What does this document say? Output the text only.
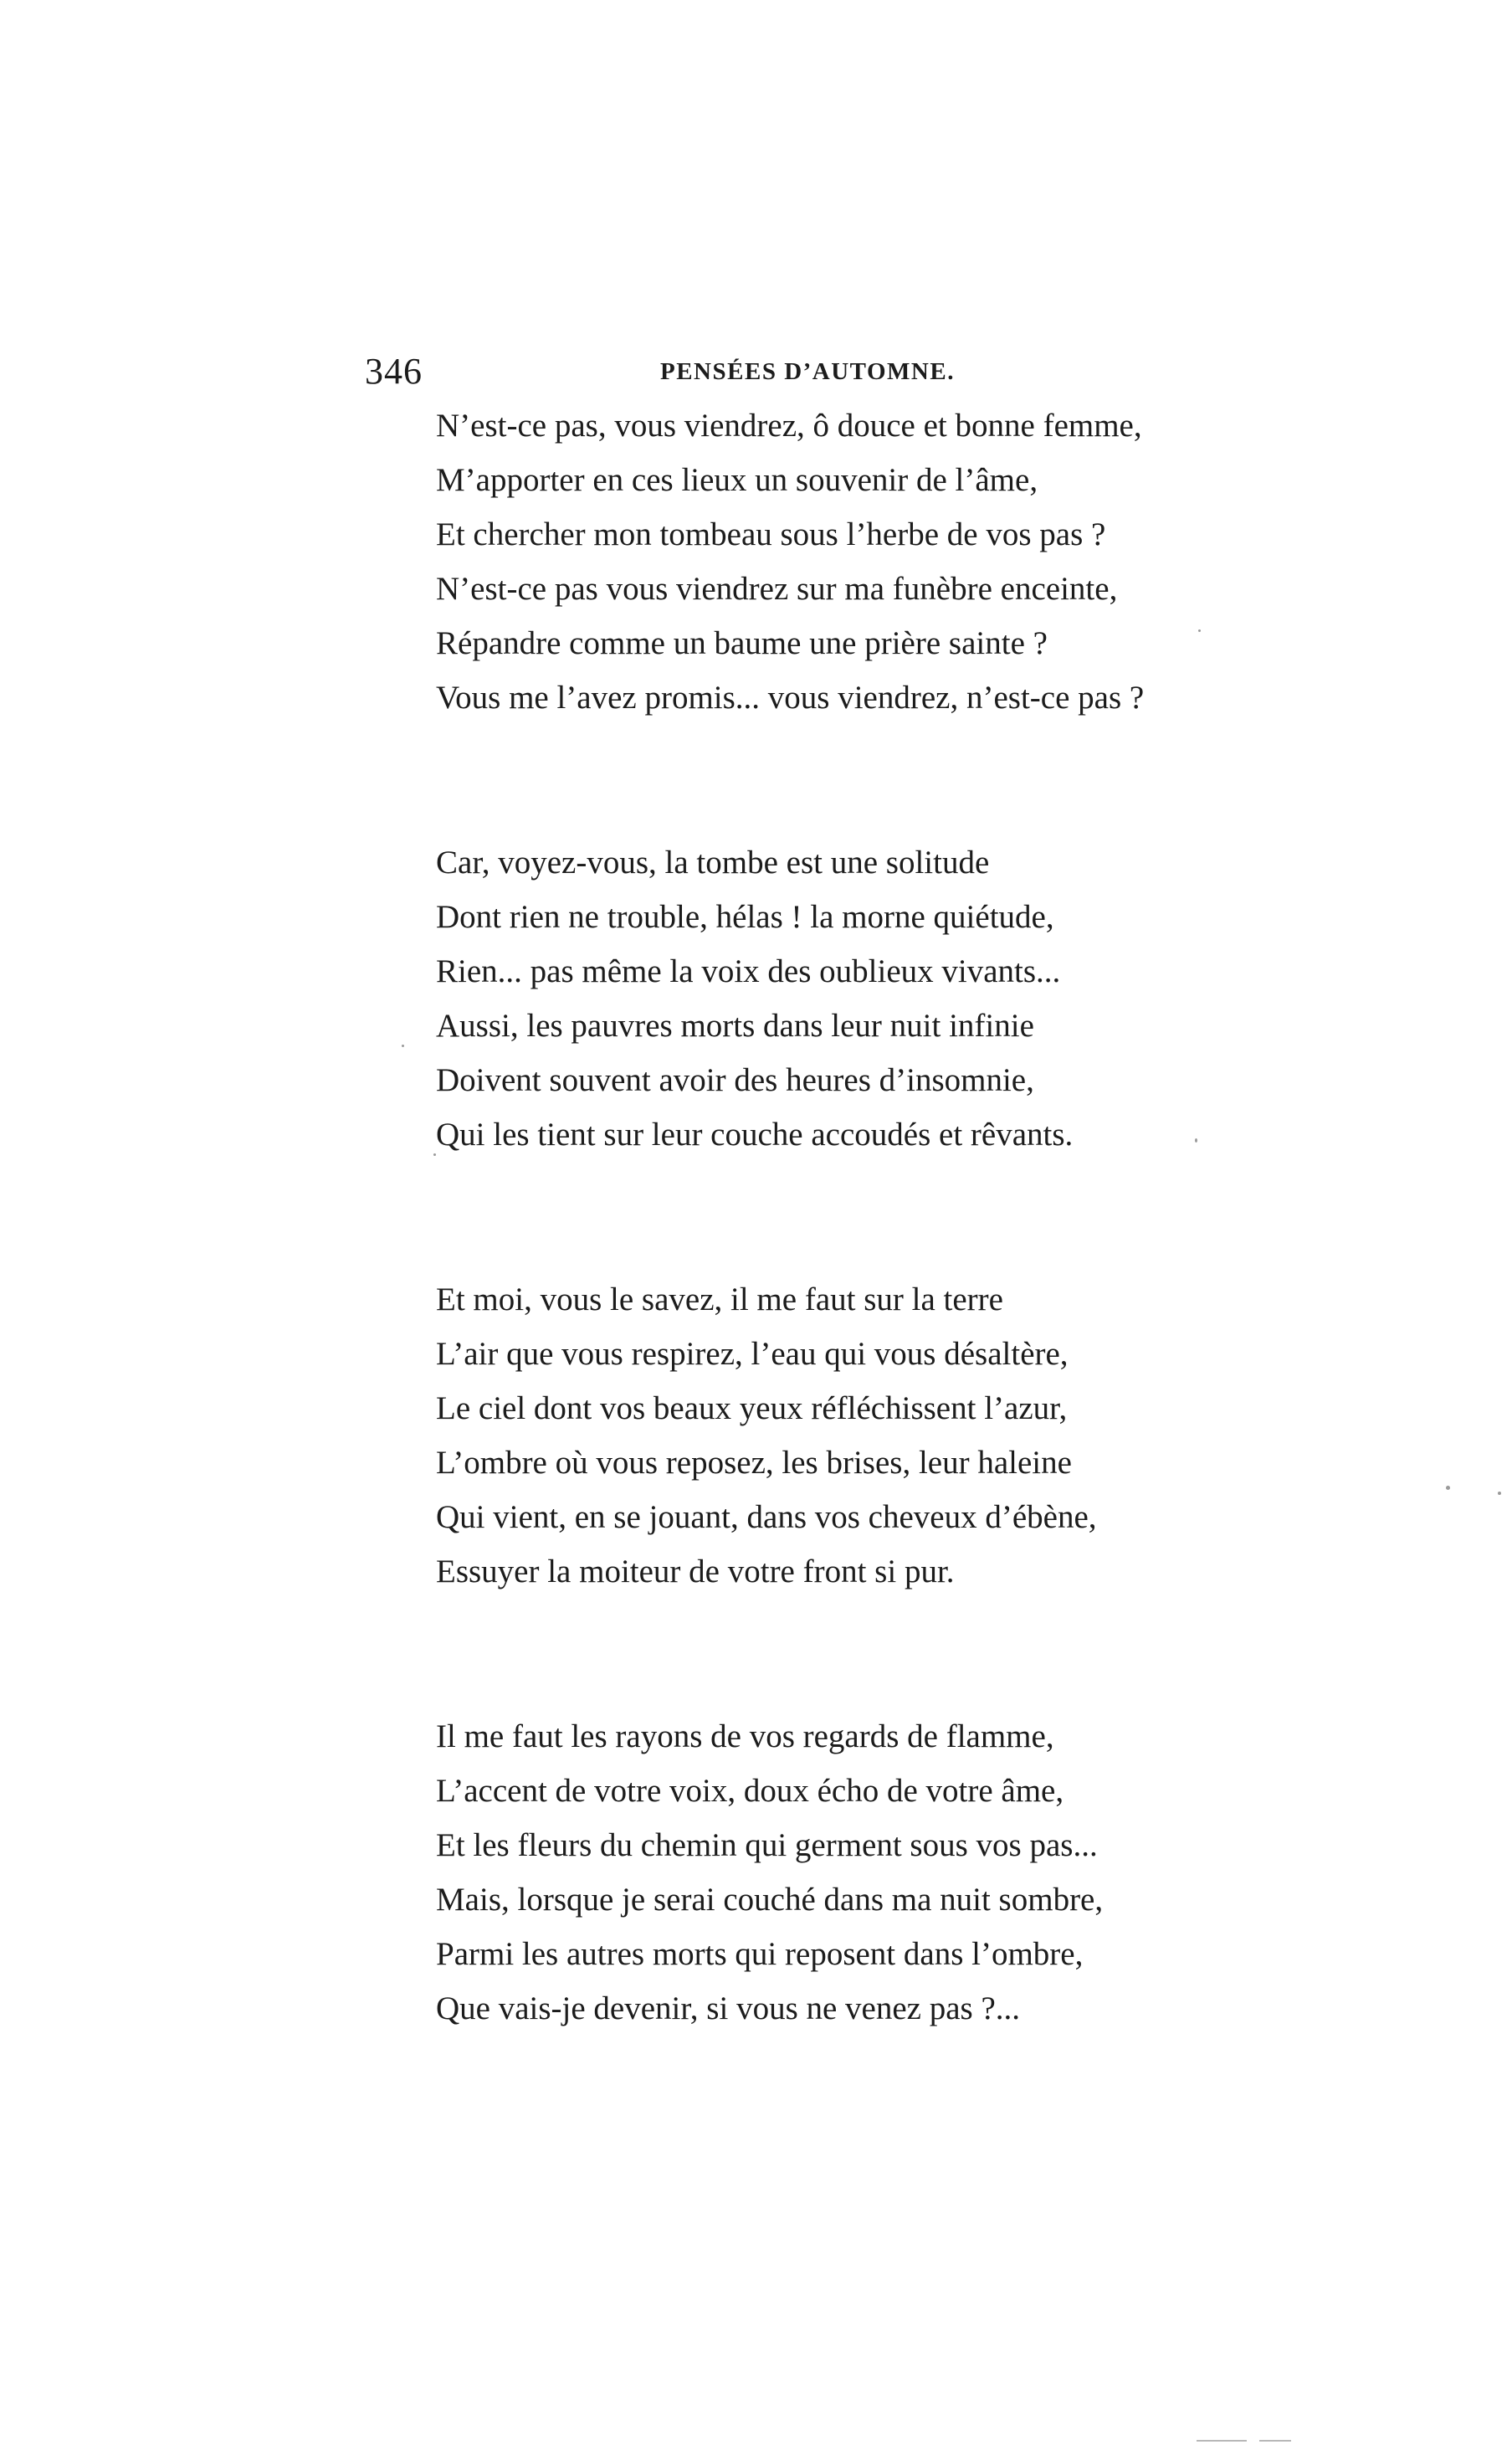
346	PENSÉES D’AUTOMNE.
N’est-ce pas, vous viendrez, ô douce et bonne femme,
M’apporter en ces lieux un souvenir de l’âme,
Et chercher mon tombeau sous l’herbe de vos pas ?
N’est-ce pas vous viendrez sur ma funèbre enceinte,
Répandre comme un baume une prière sainte ?
Vous me l’avez promis... vous viendrez, n’est-ce pas ?
Car, voyez-vous, la tombe est une solitude
Dont rien ne trouble, hélas ! la morne quiétude,
Rien... pas même la voix des oublieux vivants...
Aussi, les pauvres morts dans leur nuit infinie
Doivent souvent avoir des heures d’insomnie,
Qui les tient sur leur couche accoudés et rêvants.
Et moi, vous le savez, il me faut sur la terre
L’air que vous respirez, l’eau qui vous désaltère,
Le ciel dont vos beaux yeux réfléchissent l’azur,
L’ombre où vous reposez, les brises, leur haleine
Qui vient, en se jouant, dans vos cheveux d’ébène,
Essuyer la moiteur de votre front si pur.
Il me faut les rayons de vos regards de flamme,
L’accent de votre voix, doux écho de votre âme,
Et les fleurs du chemin qui germent sous vos pas...
Mais, lorsque je serai couché dans ma nuit sombre,
Parmi les autres morts qui reposent dans l’ombre,
Que vais-je devenir, si vous ne venez pas ?...
